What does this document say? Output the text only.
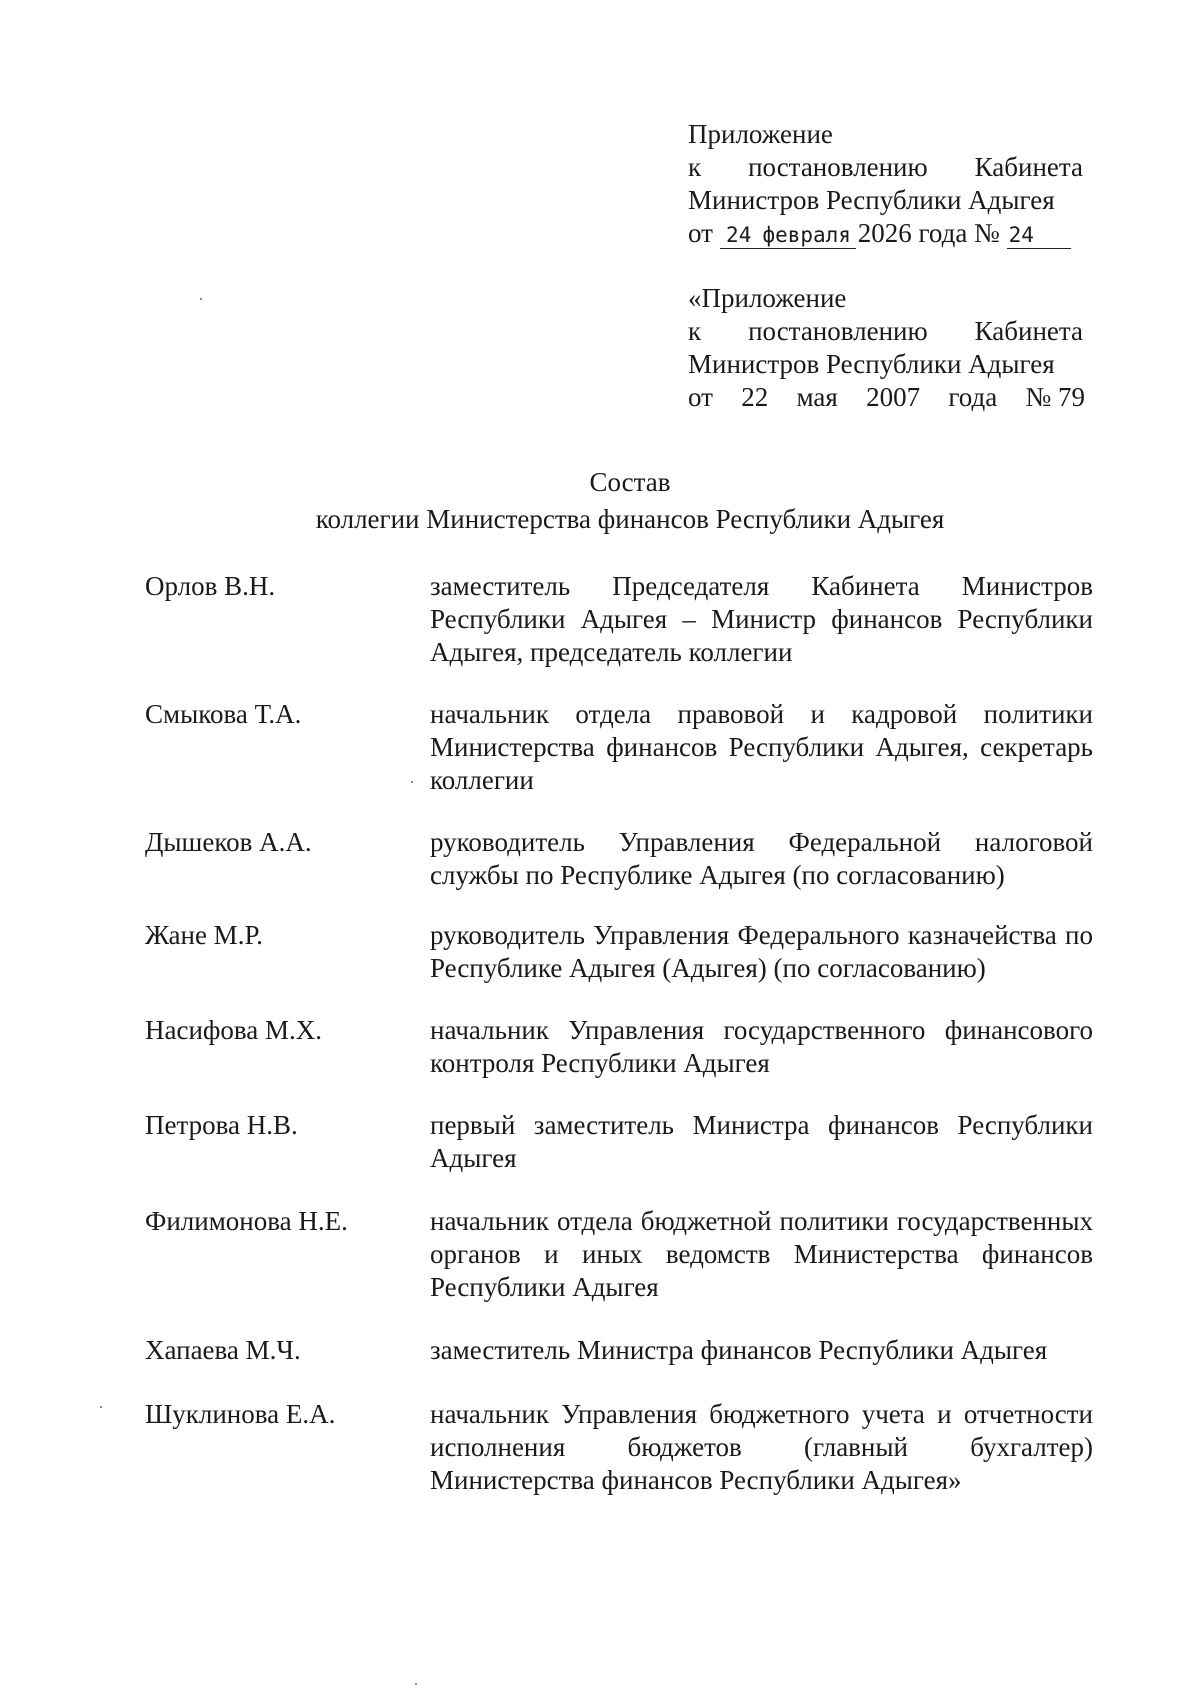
Приложение
к постановлению Кабинета
Министров Республики Адыгея
от 24 февраля 2026 года № 24
«Приложение
к постановлению Кабинета
Министров Республики Адыгея
от 22 мая 2007 года № 79
Состав
коллегии Министерства финансов Республики Адыгея
Орлов В.Н.	заместитель Председателя Кабинета Министров Республики Адыгея – Министр финансов Республики Адыгея, председатель коллегии
Смыкова Т.А.	начальник отдела правовой и кадровой политики Министерства финансов Республики Адыгея, секретарь коллегии
Дышеков А.А.	руководитель Управления Федеральной налоговой службы по Республике Адыгея (по согласованию)
Жане М.Р.	руководитель Управления Федерального казначейства по Республике Адыгея (Адыгея) (по согласованию)
Насифова М.Х.	начальник Управления государственного финансового контроля Республики Адыгея
Петрова Н.В.	первый заместитель Министра финансов Республики Адыгея
Филимонова Н.Е.	начальник отдела бюджетной политики государственных органов и иных ведомств Министерства финансов Республики Адыгея
Хапаева М.Ч.	заместитель Министра финансов Республики Адыгея
Шуклинова Е.А.	начальник Управления бюджетного учета и отчетности исполнения бюджетов (главный бухгалтер) Министерства финансов Республики Адыгея»
